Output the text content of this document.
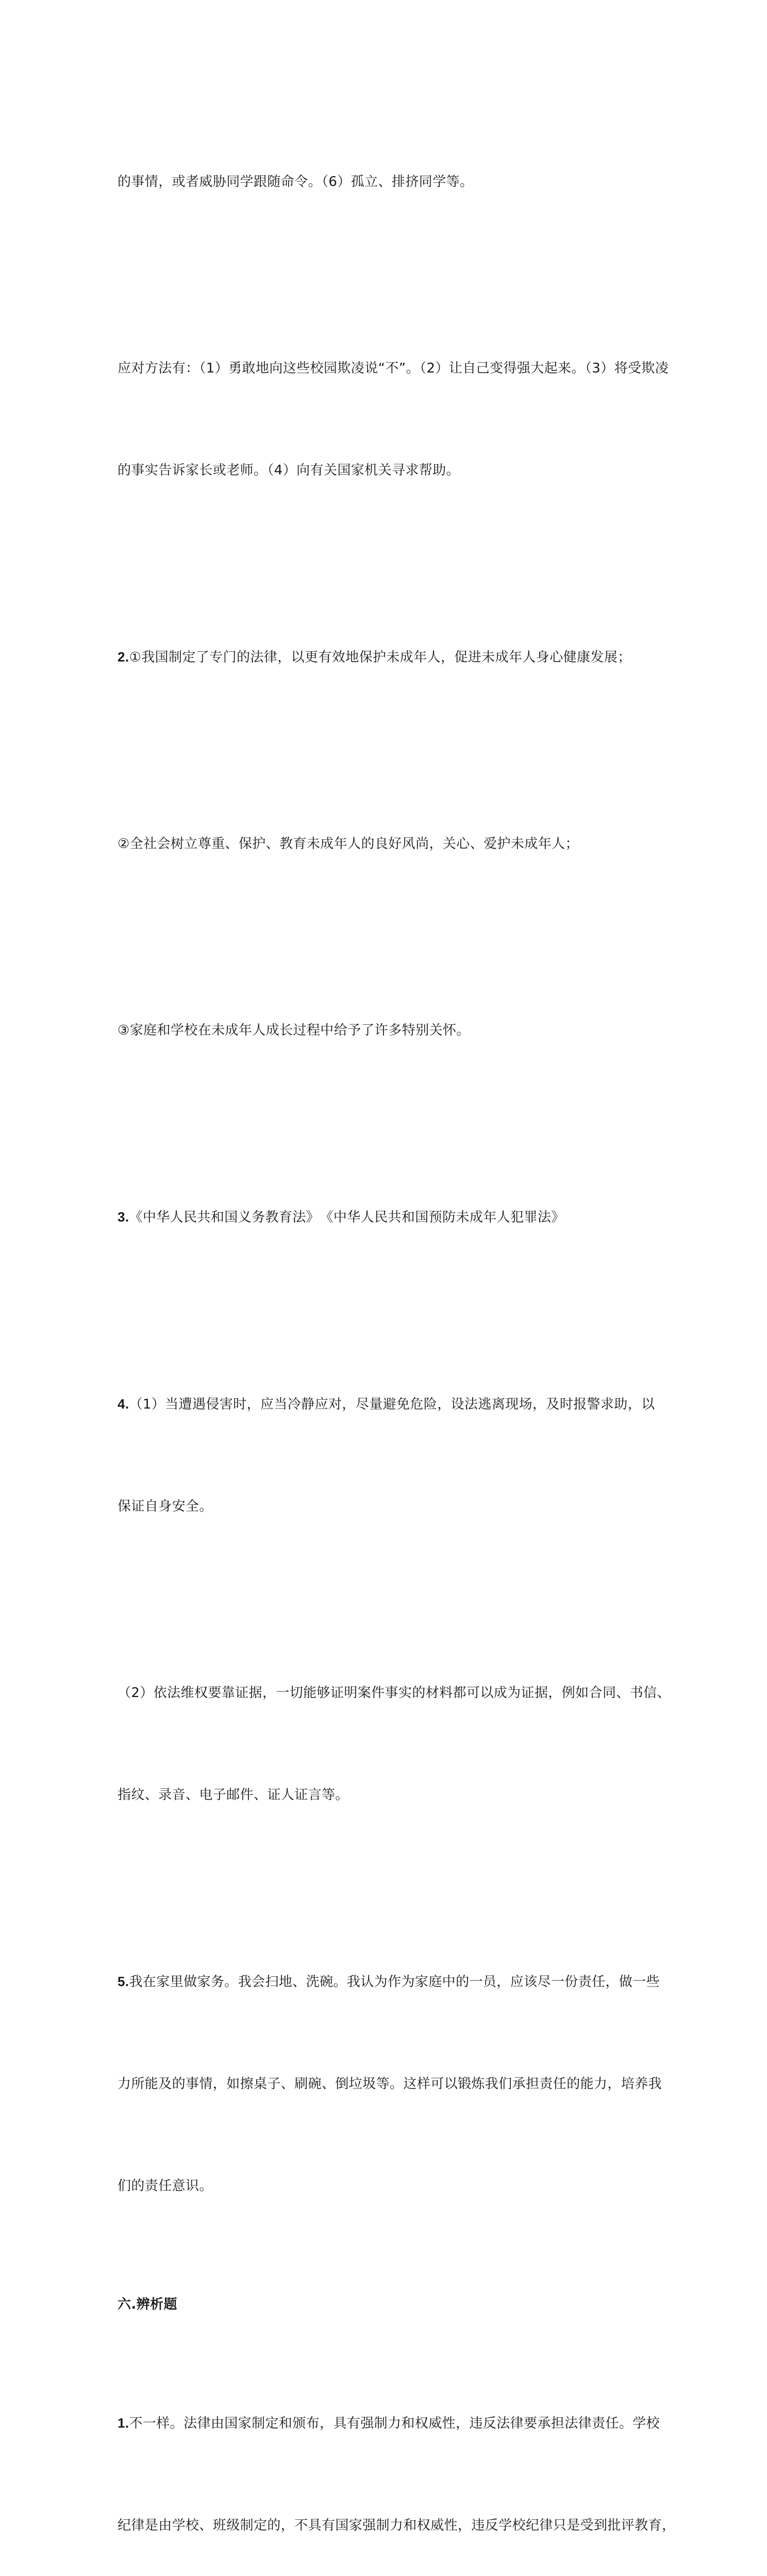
的事情，或者威胁同学跟随命令。（6）孤立、排挤同学等。

应对方法有：（1）勇敢地向这些校园欺凌说“不”。（2）让自己变得强大起来。（3）将受欺凌

的事实告诉家长或老师。（4）向有关国家机关寻求帮助。

2.①我国制定了专门的法律，以更有效地保护未成年人，促进未成年人身心健康发展；

②全社会树立尊重、保护、教育未成年人的良好风尚，关心、爱护未成年人；

③家庭和学校在未成年人成长过程中给予了许多特别关怀。

3.《中华人民共和国义务教育法》　《中华人民共和国预防未成年人犯罪法》

4.（1）当遭遇侵害时，应当冷静应对，尽量避免危险，设法逃离现场，及时报警求助，以

保证自身安全。

（2）依法维权要靠证据，一切能够证明案件事实的材料都可以成为证据，例如合同、书信、

指纹、录音、电子邮件、证人证言等。

5.我在家里做家务。我会扫地、洗碗。我认为作为家庭中的一员，应该尽一份责任，做一些

力所能及的事情，如擦桌子、刷碗、倒垃圾等。这样可以锻炼我们承担责任的能力，培养我

们的责任意识。

六.辨析题

1.不一样。法律由国家制定和颁布，具有强制力和权威性，违反法律要承担法律责任。学校

纪律是由学校、班级制定的，不具有国家强制力和权威性，违反学校纪律只是受到批评教育，
